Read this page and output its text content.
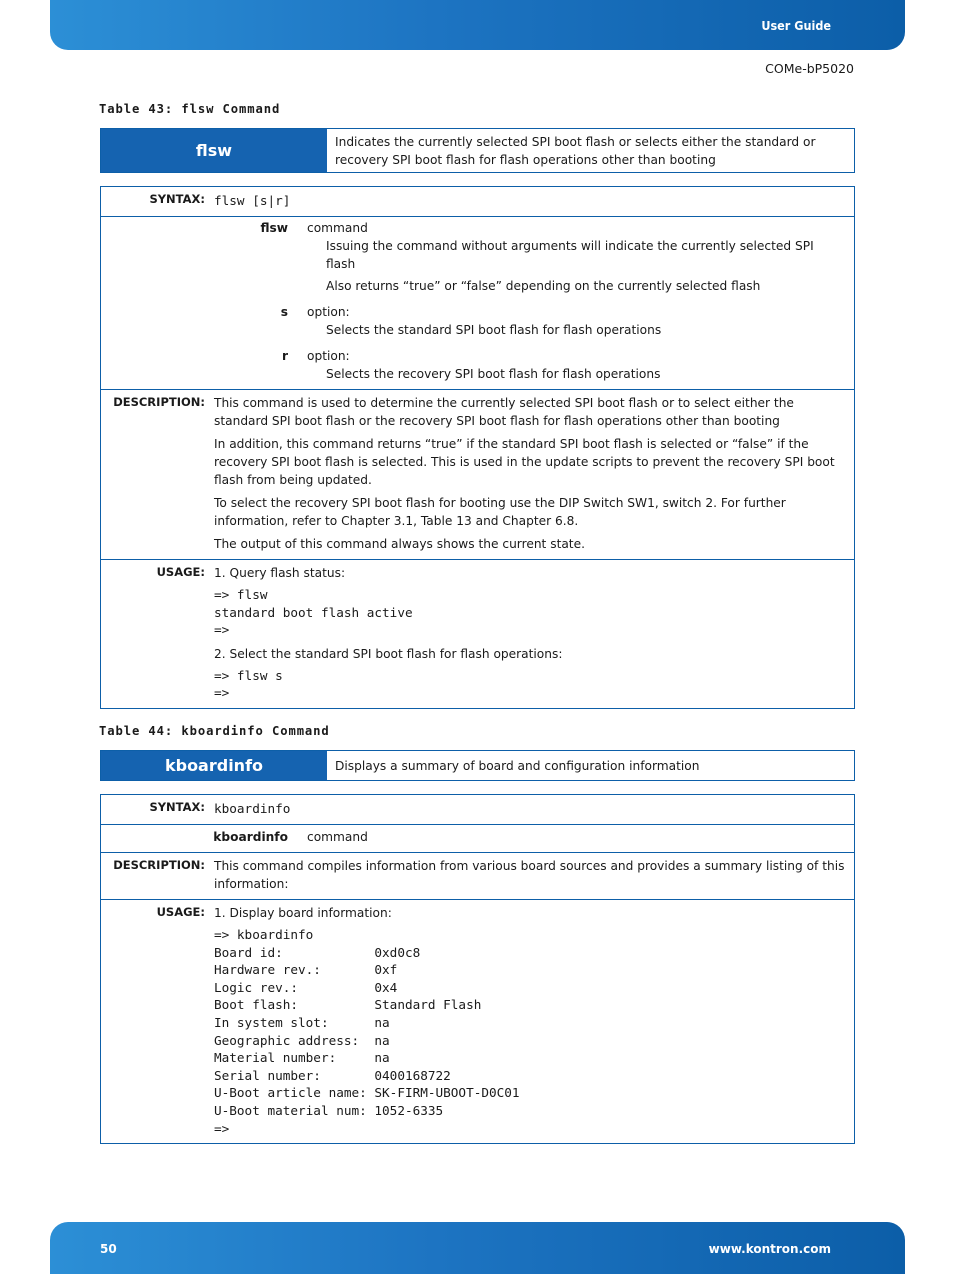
User Guide
COMe-bP5020
Table 43: flsw Command
flsw	Indicates the currently selected SPI boot flash or selects either the standard or recovery SPI boot flash for flash operations other than booting
SYNTAX: flsw [s|r]
flsw	command

Issuing the command without arguments will indicate the currently selected SPI flash

Also returns “true” or “false” depending on the currently selected flash

s	option:

Selects the standard SPI boot flash for flash operations

r	option:

Selects the recovery SPI boot flash for flash operations

DESCRIPTION: This command is used to determine the currently selected SPI boot flash or to select either the standard SPI boot flash or the recovery SPI boot flash for flash operations other than booting

In addition, this command returns “true” if the standard SPI boot flash is selected or “false” if the recovery SPI boot flash is selected. This is used in the update scripts to prevent the recovery SPI boot flash from being updated.

To select the recovery SPI boot flash for booting use the DIP Switch SW1, switch 2. For further information, refer to Chapter 3.1, Table 13 and Chapter 6.8.

The output of this command always shows the current state.

USAGE: 1. Query flash status:
=> flsw
standard boot flash active
=>
2. Select the standard SPI boot flash for flash operations:
=> flsw s
=>
Table 44: kboardinfo Command
kboardinfo	Displays a summary of board and configuration information
SYNTAX: kboardinfo
kboardinfo	command
DESCRIPTION: This command compiles information from various board sources and provides a summary listing of this information:
USAGE: 1. Display board information:
=> kboardinfo
Board id:            0xd0c8
Hardware rev.:       0xf
Logic rev.:          0x4
Boot flash:          Standard Flash
In system slot:      na
Geographic address:  na
Material number:     na
Serial number:       0400168722
U-Boot article name: SK-FIRM-UBOOT-D0C01
U-Boot material num: 1052-6335
=>
50	www.kontron.com
